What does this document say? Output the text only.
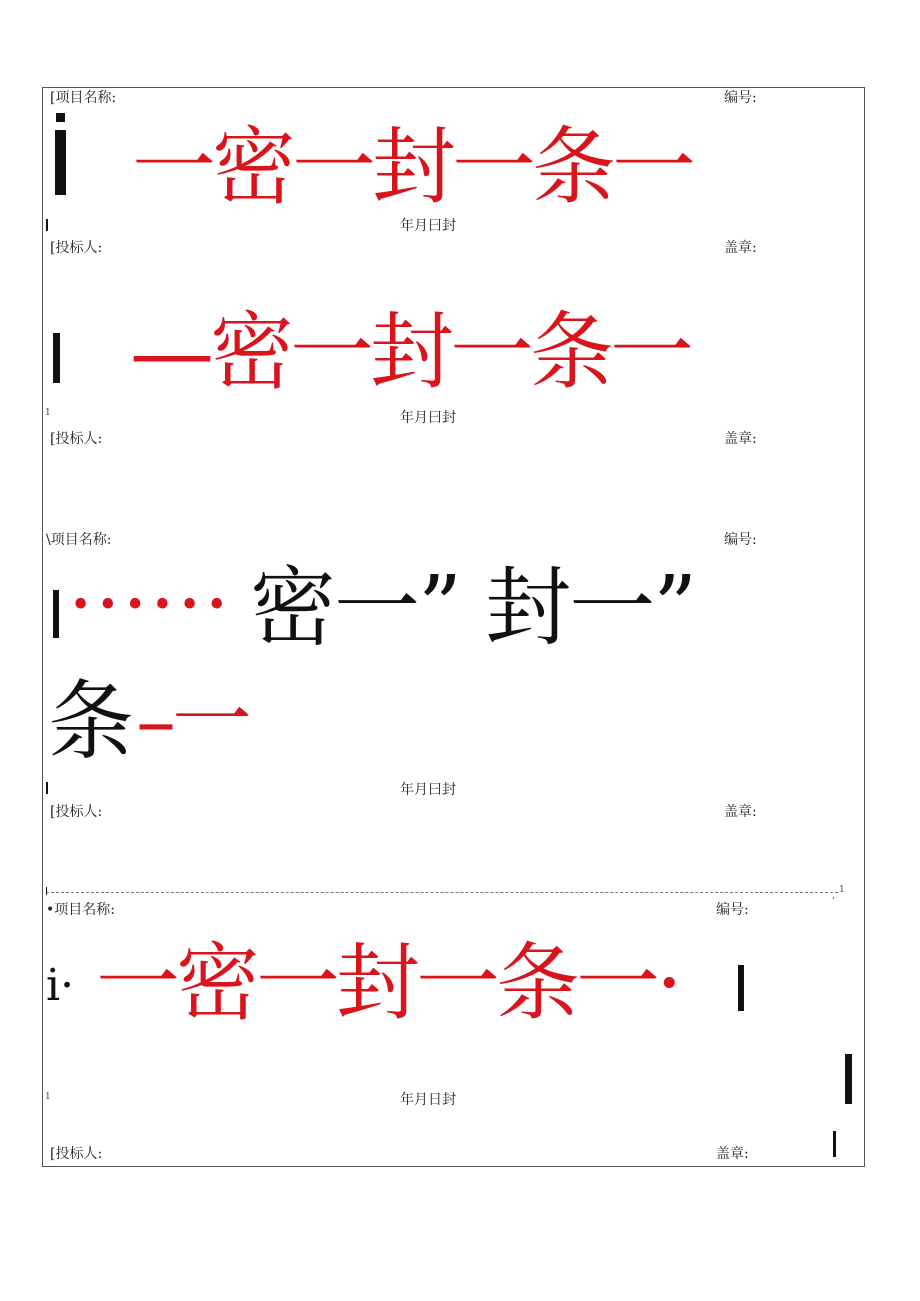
[项目名称:	编号:
一密一封一条一
年月曰封
[投标人:	盖章:
—密一封一条一
1	年月曰封
[投标人:	盖章:
\项目名称:	编号:
•••••• 密一” 封一”
条 –一
年月曰封
[投标人:	盖章:
1
•项目名称:	编号:	’
i· 一密一封一条一·
1	年月日封
[投标人:	盖章:
